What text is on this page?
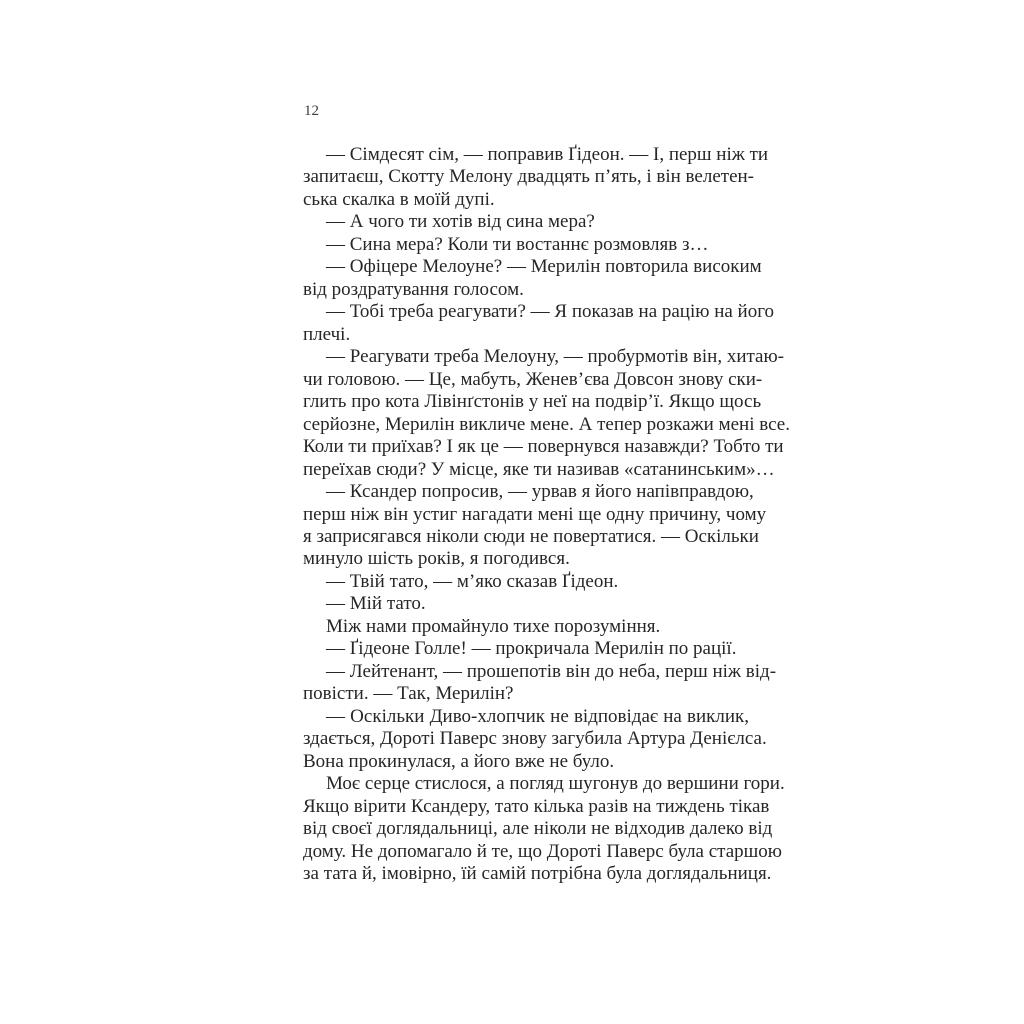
12
— Сімдесят сім, — поправив Ґідеон. — І, перш ніж ти
запитаєш, Скотту Мелону двадцять п’ять, і він велетен-
ська скалка в моїй дупі.
— А чого ти хотів від сина мера?
— Сина мера? Коли ти востаннє розмовляв з…
— Офіцере Мелоуне? — Мерилін повторила високим
від роздратування голосом.
— Тобі треба реагувати? — Я показав на рацію на його
плечі.
— Реагувати треба Мелоуну, — пробурмотів він, хитаю-
чи головою. — Це, мабуть, Женев’єва Довсон знову ски-
глить про кота Лівінґстонів у неї на подвір’ї. Якщо щось
серйозне, Мерилін викличе мене. А тепер розкажи мені все.
Коли ти приїхав? І як це — повернувся назавжди? Тобто ти
переїхав сюди? У місце, яке ти називав «сатанинським»…
— Ксандер попросив, — урвав я його напівправдою,
перш ніж він устиг нагадати мені ще одну причину, чому
я заприсягався ніколи сюди не повертатися. — Оскільки
минуло шість років, я погодився.
— Твій тато, — м’яко сказав Ґідеон.
— Мій тато.
Між нами промайнуло тихе порозуміння.
— Ґідеоне Голле! — прокричала Мерилін по рації.
— Лейтенант, — прошепотів він до неба, перш ніж від-
повісти. — Так, Мерилін?
— Оскільки Диво-хлопчик не відповідає на виклик,
здається, Дороті Паверс знову загубила Артура Денієлса.
Вона прокинулася, а його вже не було.
Моє серце стислося, а погляд шугонув до вершини гори.
Якщо вірити Ксандеру, тато кілька разів на тиждень тікав
від своєї доглядальниці, але ніколи не відходив далеко від
дому. Не допомагало й те, що Дороті Паверс була старшою
за тата й, імовірно, їй самій потрібна була доглядальниця.
